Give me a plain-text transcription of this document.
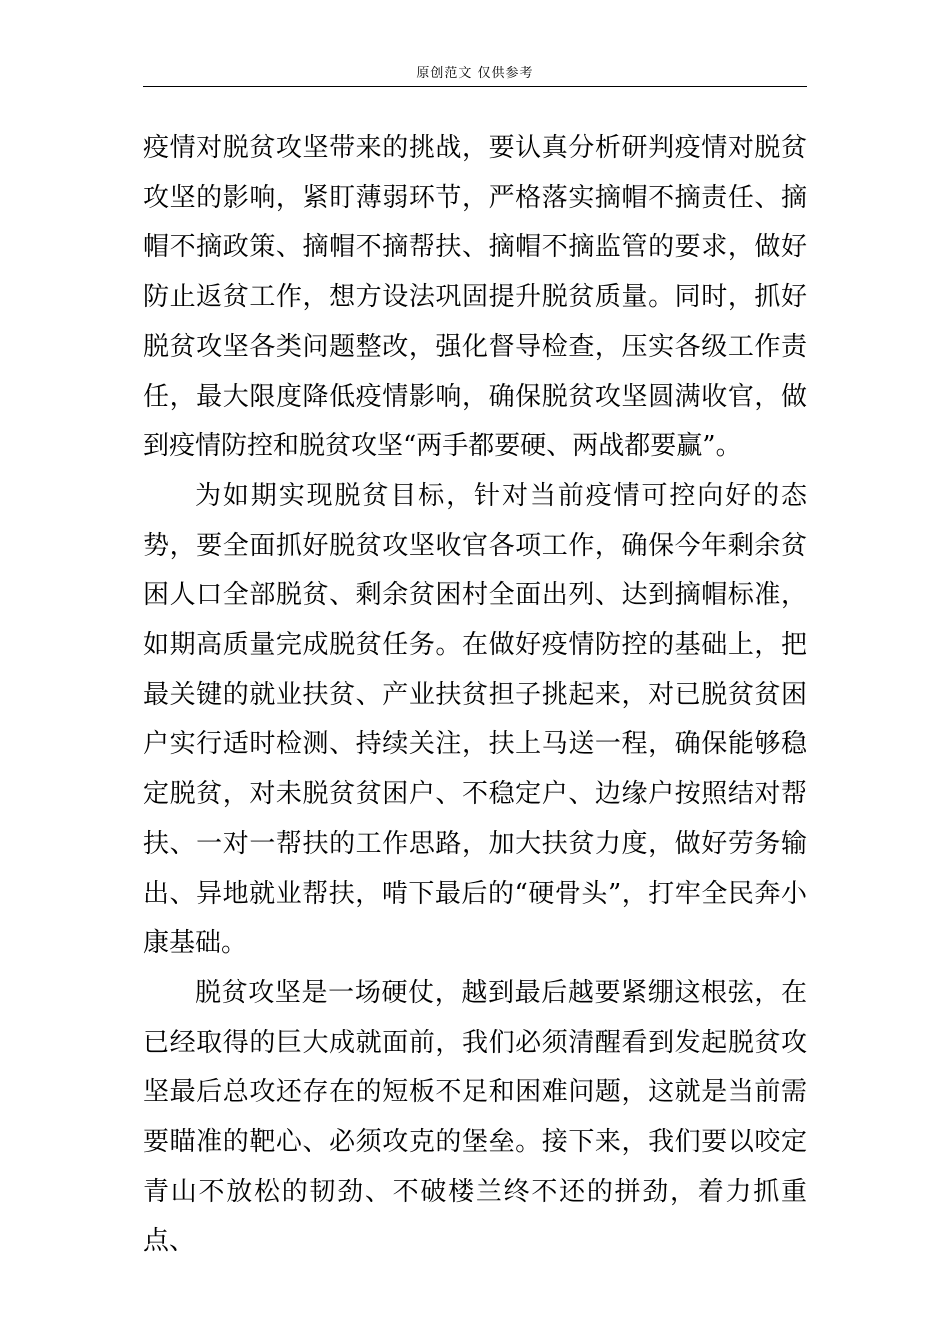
原创范文 仅供参考

疫情对脱贫攻坚带来的挑战，要认真分析研判疫情对脱贫攻坚的影响，紧盯薄弱环节，严格落实摘帽不摘责任、摘帽不摘政策、摘帽不摘帮扶、摘帽不摘监管的要求，做好防止返贫工作，想方设法巩固提升脱贫质量。同时，抓好脱贫攻坚各类问题整改，强化督导检查，压实各级工作责任，最大限度降低疫情影响，确保脱贫攻坚圆满收官，做到疫情防控和脱贫攻坚“两手都要硬、两战都要赢”。

为如期实现脱贫目标，针对当前疫情可控向好的态势，要全面抓好脱贫攻坚收官各项工作，确保今年剩余贫困人口全部脱贫、剩余贫困村全面出列、达到摘帽标准，如期高质量完成脱贫任务。在做好疫情防控的基础上，把最关键的就业扶贫、产业扶贫担子挑起来，对已脱贫贫困户实行适时检测、持续关注，扶上马送一程，确保能够稳定脱贫，对未脱贫贫困户、不稳定户、边缘户按照结对帮扶、一对一帮扶的工作思路，加大扶贫力度，做好劳务输出、异地就业帮扶，啃下最后的“硬骨头”，打牢全民奔小康基础。

脱贫攻坚是一场硬仗，越到最后越要紧绷这根弦，在已经取得的巨大成就面前，我们必须清醒看到发起脱贫攻坚最后总攻还存在的短板不足和困难问题，这就是当前需要瞄准的靶心、必须攻克的堡垒。接下来，我们要以咬定青山不放松的韧劲、不破楼兰终不还的拼劲，着力抓重点、
